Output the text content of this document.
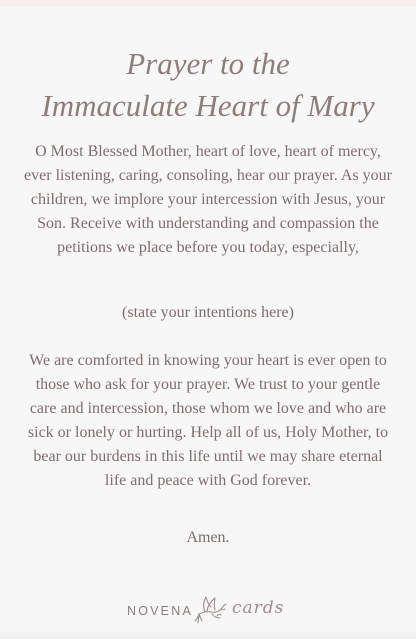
Prayer to the
Immaculate Heart of Mary

O Most Blessed Mother, heart of love, heart of mercy, ever listening, caring, consoling, hear our prayer. As your children, we implore your intercession with Jesus, your Son. Receive with understanding and compassion the petitions we place before you today, especially,

(state your intentions here)

We are comforted in knowing your heart is ever open to those who ask for your prayer. We trust to your gentle care and intercession, those whom we love and who are sick or lonely or hurting. Help all of us, Holy Mother, to bear our burdens in this life until we may share eternal life and peace with God forever.

Amen.

NOVENA cards
